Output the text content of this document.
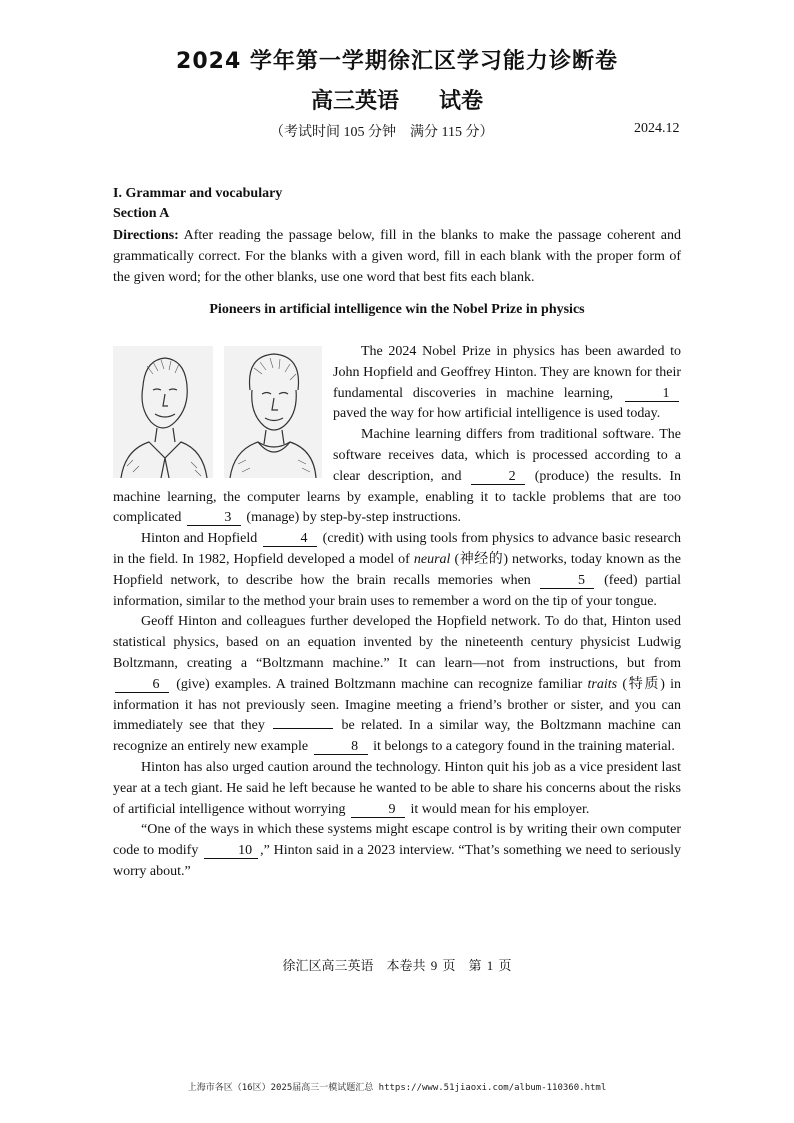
2024 学年第一学期徐汇区学习能力诊断卷
高三英语 试卷
（考试时间 105 分钟　满分 115 分）	2024.12
I. Grammar and vocabulary
Section A

Directions: After reading the passage below, fill in the blanks to make the passage coherent and grammatically correct. For the blanks with a given word, fill in each blank with the proper form of the given word; for the other blanks, use one word that best fits each blank.

Pioneers in artificial intelligence win the Nobel Prize in physics

The 2024 Nobel Prize in physics has been awarded to John Hopfield and Geoffrey Hinton. They are known for their fundamental discoveries in machine learning,	1 paved the way for how artificial intelligence is used today.

Machine learning differs from traditional software. The software receives data, which is processed according to a clear description, and	2 (produce) the results. In machine learning, the computer learns by example, enabling it to tackle problems that are too complicated	3 (manage) by step-by-step instructions.

Hinton and Hopfield	4 (credit) with using tools from physics to advance basic research in the field. In 1982, Hopfield developed a model of neural (神经的) networks, today known as the Hopfield network, to describe how the brain recalls memories when	5 (feed) partial information, similar to the method your brain uses to remember a word on the tip of your tongue.

Geoff Hinton and colleagues further developed the Hopfield network. To do that, Hinton used statistical physics, based on an equation invented by the nineteenth century physicist Ludwig Boltzmann, creating a “Boltzmann machine.” It can learn—not from instructions, but from 6 (give) examples. A trained Boltzmann machine can recognize familiar traits (特质) in information it has not previously seen. Imagine meeting a friend’s brother or sister, and you can immediately see that they	be related. In a similar way, the Boltzmann machine can recognize an entirely new example	8 it belongs to a category found in the training material.

Hinton has also urged caution around the technology. Hinton quit his job as a vice president last year at a tech giant. He said he left because he wanted to be able to share his concerns about the risks of artificial intelligence without worrying	9 it would mean for his employer.

“One of the ways in which these systems might escape control is by writing their own computer code to modify	10 ,” Hinton said in a 2023 interview. “That’s something we need to seriously worry about.”

徐汇区高三英语　本卷共 9 页　第 1 页
上海市各区（16区）2025届高三一模试题汇总 https://www.51jiaoxi.com/album-110360.html
